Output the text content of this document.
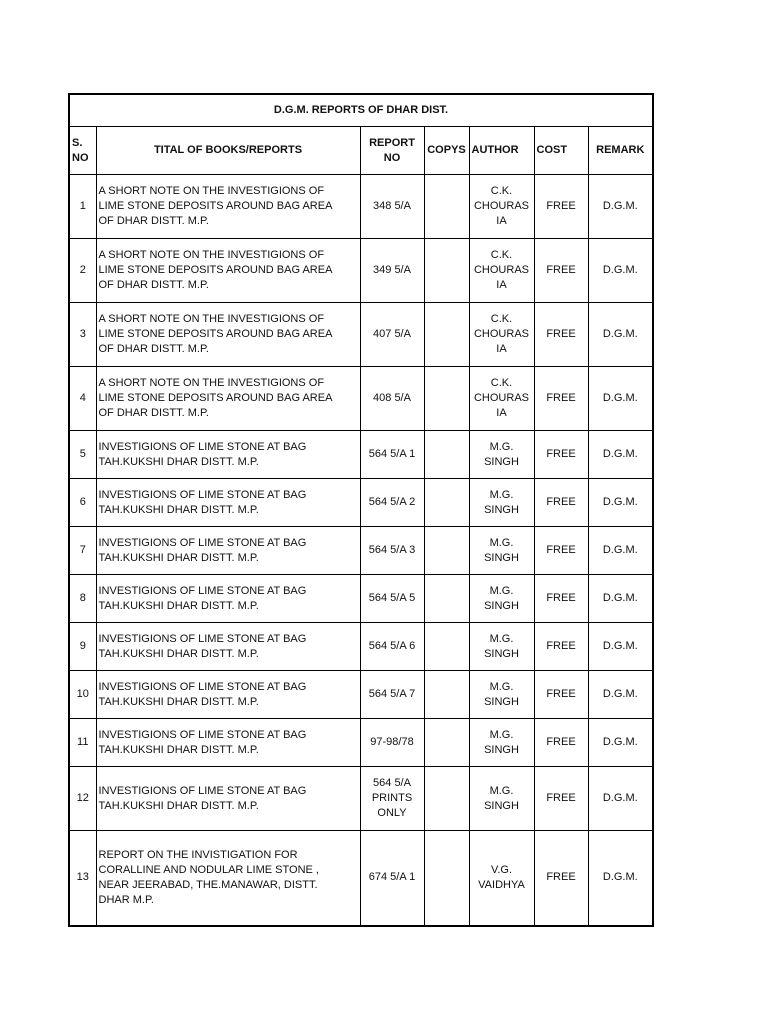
D.G.M. REPORTS OF DHAR DIST.						
S.
NO	TITAL OF BOOKS/REPORTS	REPORT
NO	COPYS	AUTHOR	COST	REMARK
1	A SHORT NOTE ON THE INVESTIGIONS OF
LIME STONE DEPOSITS AROUND BAG AREA
OF DHAR DISTT. M.P.	348 5/A		C.K.
CHOURAS
IA	FREE	D.G.M.
2	A SHORT NOTE ON THE INVESTIGIONS OF
LIME STONE DEPOSITS AROUND BAG AREA
OF DHAR DISTT. M.P.	349 5/A		C.K.
CHOURAS
IA	FREE	D.G.M.
3	A SHORT NOTE ON THE INVESTIGIONS OF
LIME STONE DEPOSITS AROUND BAG AREA
OF DHAR DISTT. M.P.	407 5/A		C.K.
CHOURAS
IA	FREE	D.G.M.
4	A SHORT NOTE ON THE INVESTIGIONS OF
LIME STONE DEPOSITS AROUND BAG AREA
OF DHAR DISTT. M.P.	408 5/A		C.K.
CHOURAS
IA	FREE	D.G.M.
5	INVESTIGIONS OF LIME STONE AT BAG
TAH.KUKSHI DHAR DISTT. M.P.	564 5/A 1		M.G.
SINGH	FREE	D.G.M.
6	INVESTIGIONS OF LIME STONE AT BAG
TAH.KUKSHI DHAR DISTT. M.P.	564 5/A 2		M.G.
SINGH	FREE	D.G.M.
7	INVESTIGIONS OF LIME STONE AT BAG
TAH.KUKSHI DHAR DISTT. M.P.	564 5/A 3		M.G.
SINGH	FREE	D.G.M.
8	INVESTIGIONS OF LIME STONE AT BAG
TAH.KUKSHI DHAR DISTT. M.P.	564 5/A 5		M.G.
SINGH	FREE	D.G.M.
9	INVESTIGIONS OF LIME STONE AT BAG
TAH.KUKSHI DHAR DISTT. M.P.	564 5/A 6		M.G.
SINGH	FREE	D.G.M.
10	INVESTIGIONS OF LIME STONE AT BAG
TAH.KUKSHI DHAR DISTT. M.P.	564 5/A 7		M.G.
SINGH	FREE	D.G.M.
11	INVESTIGIONS OF LIME STONE AT BAG
TAH.KUKSHI DHAR DISTT. M.P.	97-98/78		M.G.
SINGH	FREE	D.G.M.
12	INVESTIGIONS OF LIME STONE AT BAG
TAH.KUKSHI DHAR DISTT. M.P.	564 5/A
PRINTS
ONLY		M.G.
SINGH	FREE	D.G.M.
13	REPORT ON THE INVISTIGATION FOR
CORALLINE AND NODULAR LIME STONE ,
NEAR JEERABAD, THE.MANAWAR, DISTT.
DHAR M.P.	674 5/A 1		V.G.
VAIDHYA	FREE	D.G.M.
